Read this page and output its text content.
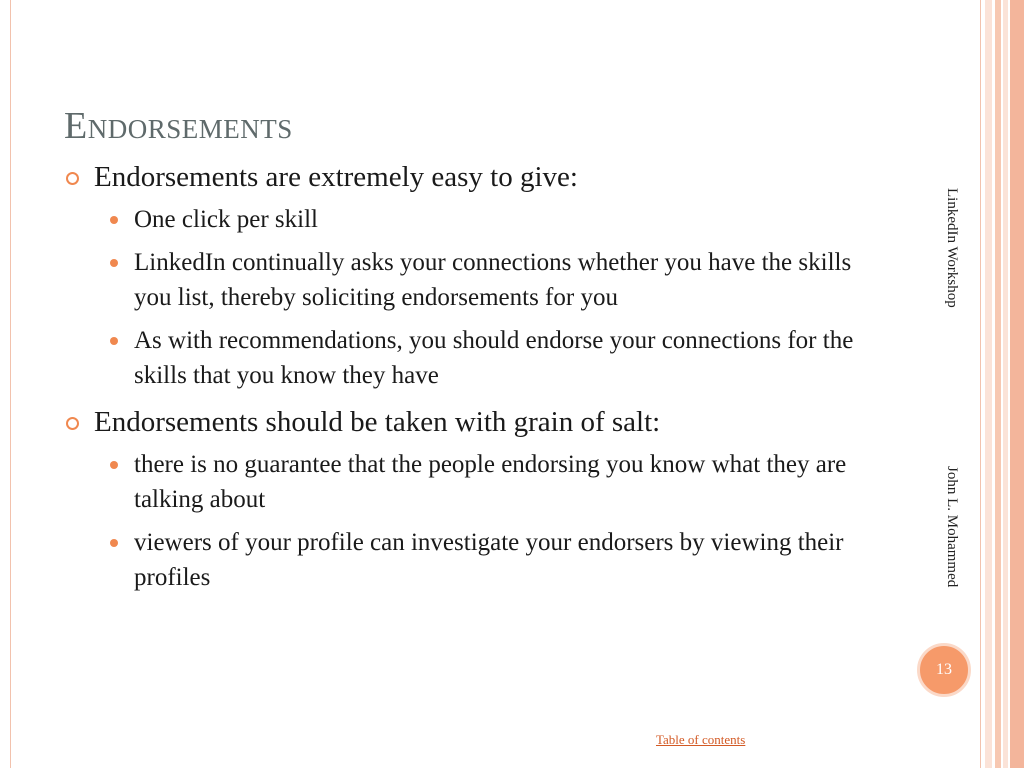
Endorsements
Endorsements are extremely easy to give:
One click per skill
LinkedIn continually asks your connections whether you have the skills you list, thereby soliciting endorsements for you
As with recommendations, you should endorse your connections for the skills that you know they have
Endorsements should be taken with grain of salt:
there is no guarantee that the people endorsing you know what they are talking about
viewers of your profile can investigate your endorsers by viewing their profiles
LinkedIn Workshop
John L. Mohammed
13
Table of contents
